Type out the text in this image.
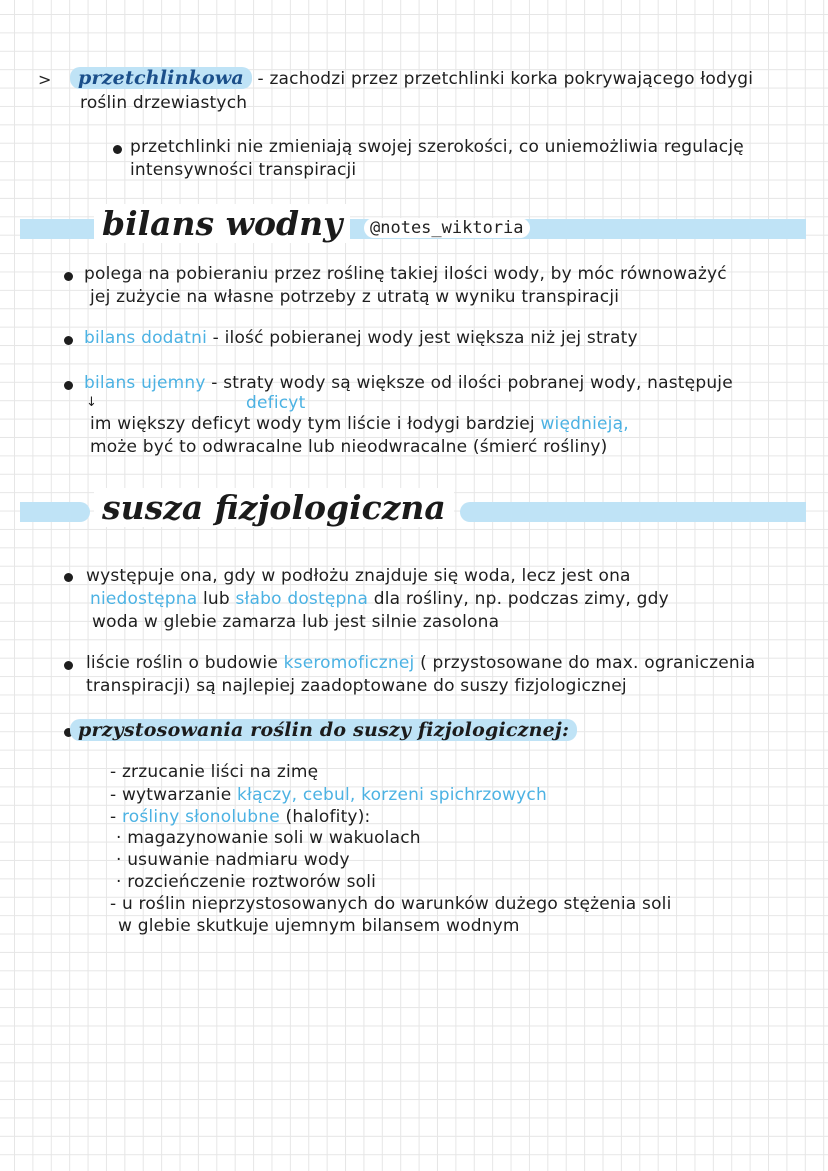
>	przetchlinkowa - zachodzi przez przetchlinki korka pokrywającego łodygi
roślin drzewiastych
przetchlinki nie zmieniają swojej szerokości, co uniemożliwia regulację
intensywności transpiracji
bilans wodny	@notes_wiktoria
polega na pobieraniu przez roślinę takiej ilości wody, by móc równoważyć
jej zużycie na własne potrzeby z utratą w wyniku transpiracji
bilans dodatni - ilość pobieranej wody jest większa niż jej straty
bilans ujemny - straty wody są większe od ilości pobranej wody, następuje
↓	deficyt
im większy deficyt wody tym liście i łodygi bardziej więdnieją,
może być to odwracalne lub nieodwracalne (śmierć rośliny)
susza fizjologiczna
występuje ona, gdy w podłożu znajduje się woda, lecz jest ona
niedostępna lub słabo dostępna dla rośliny, np. podczas zimy, gdy
woda w glebie zamarza lub jest silnie zasolona
liście roślin o budowie kseromoficznej ( przystosowane do max. ograniczenia
transpiracji) są najlepiej zaadoptowane do suszy fizjologicznej
przystosowania roślin do suszy fizjologicznej:
- zrzucanie liści na zimę
- wytwarzanie kłączy, cebul, korzeni spichrzowych
- rośliny słonolubne (halofity):
· magazynowanie soli w wakuolach
· usuwanie nadmiaru wody
· rozcieńczenie roztworów soli
- u roślin nieprzystosowanych do warunków dużego stężenia soli
w glebie skutkuje ujemnym bilansem wodnym
